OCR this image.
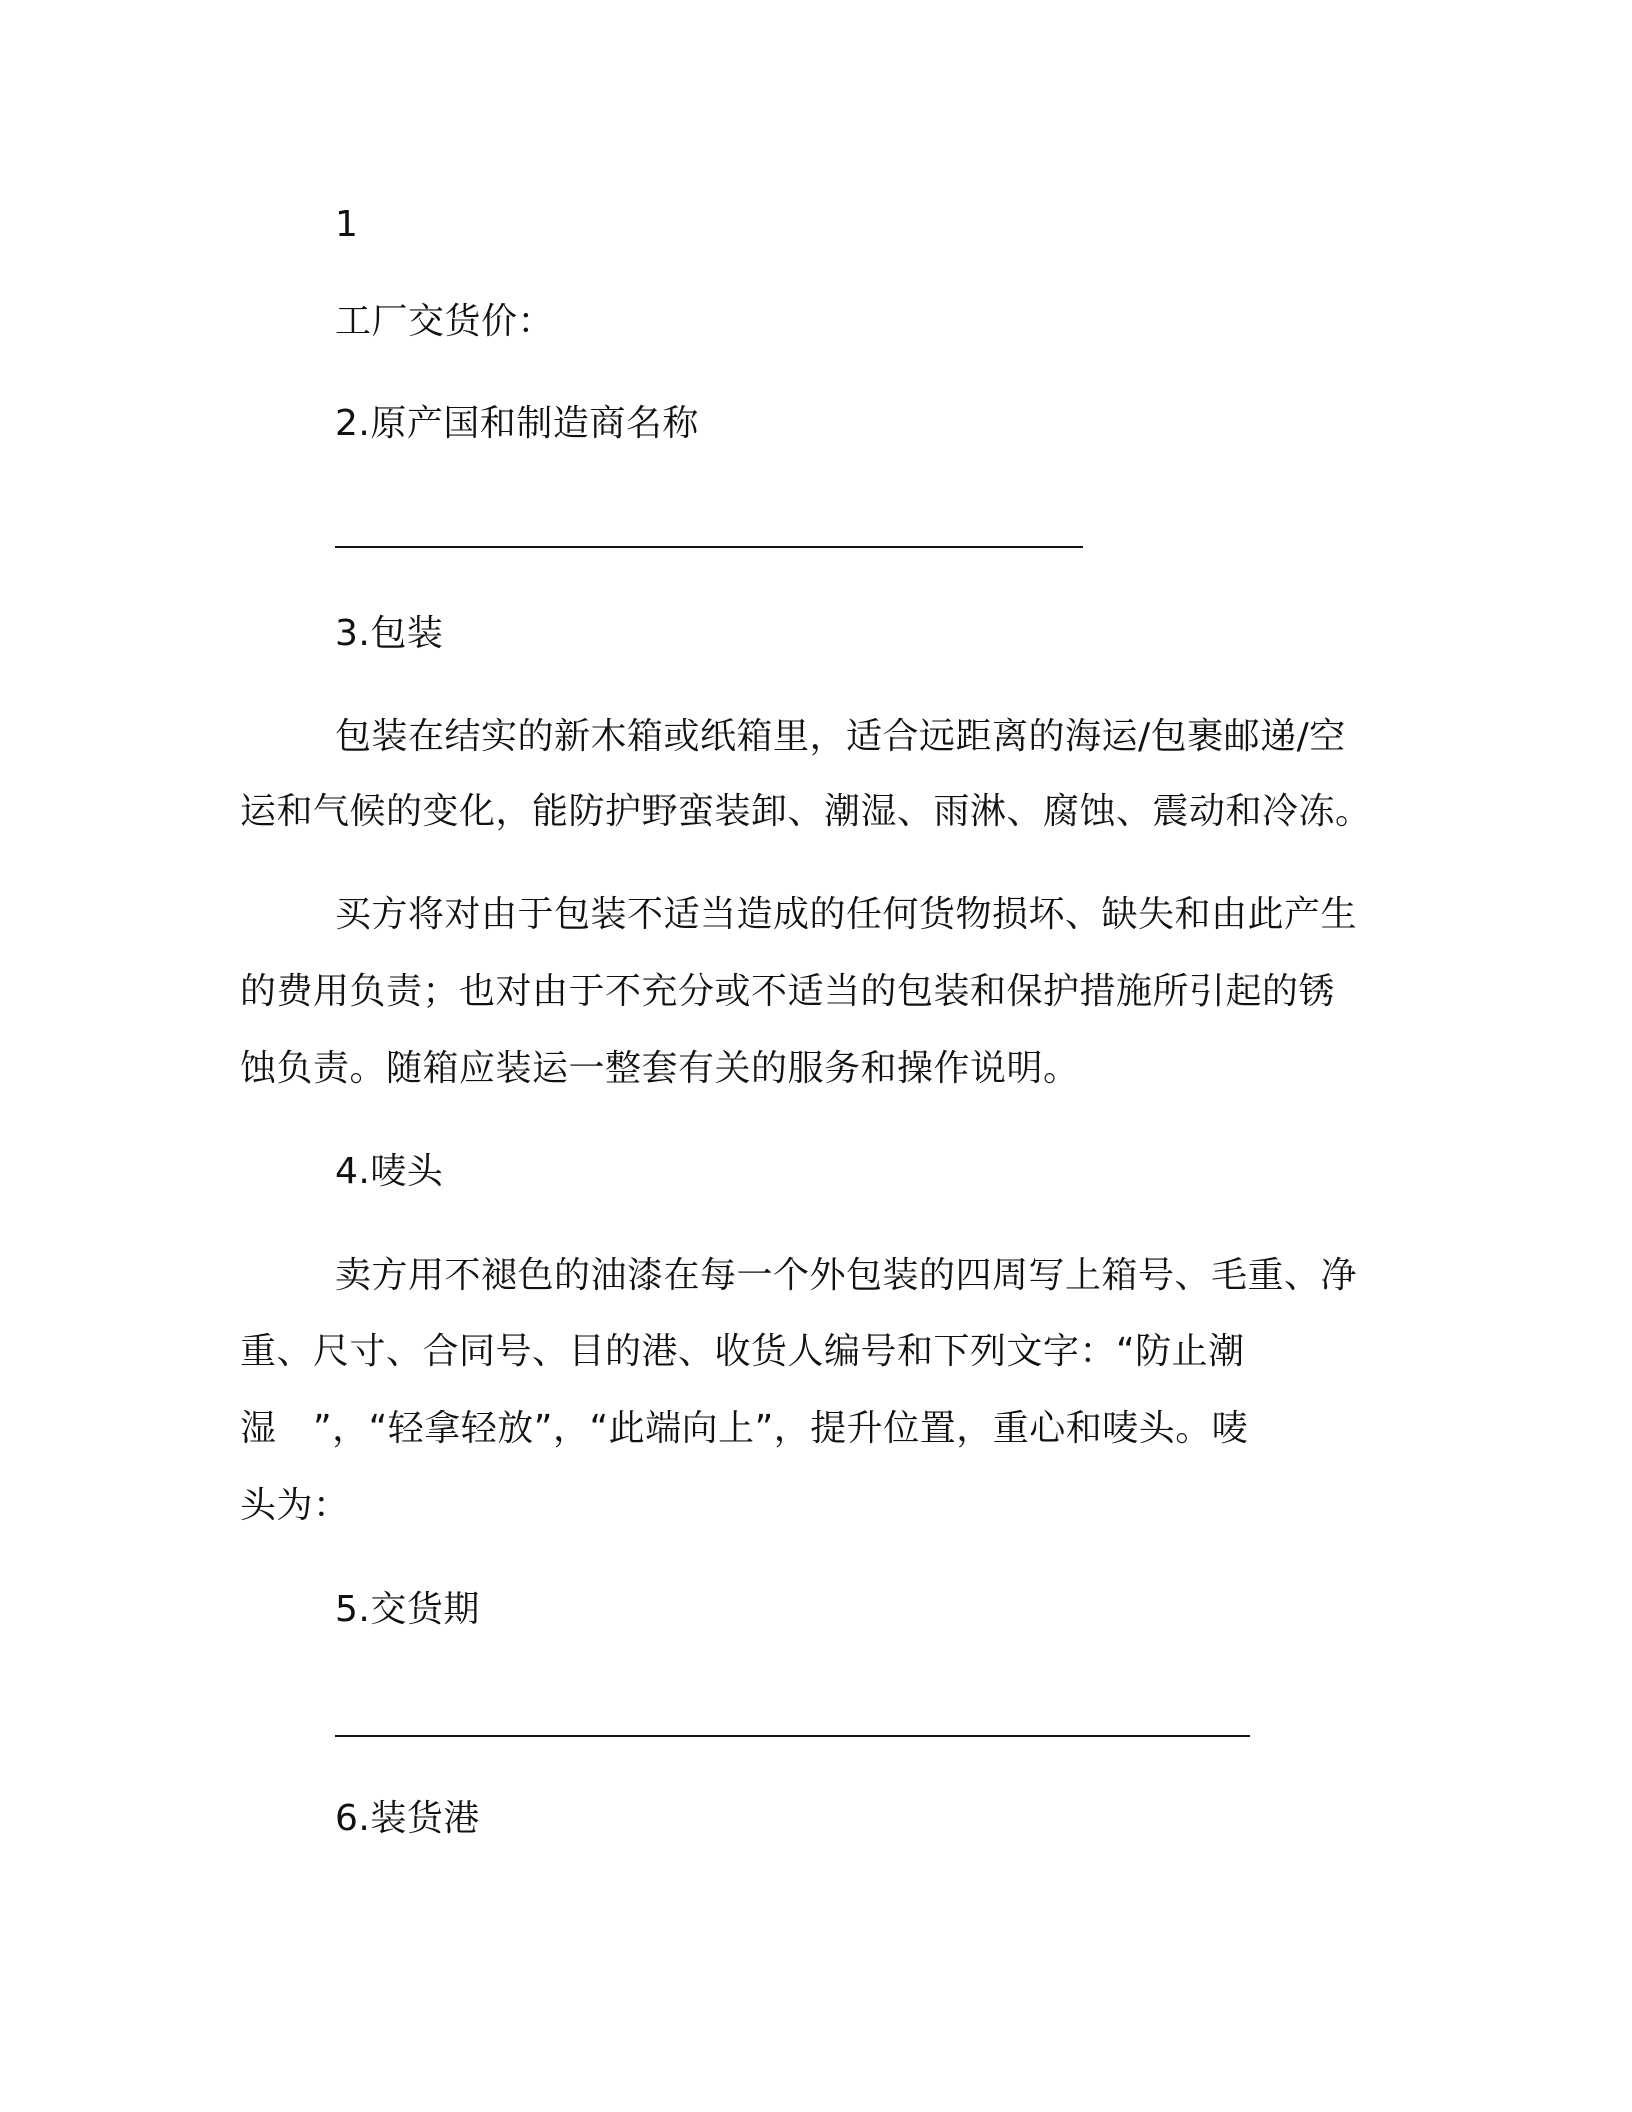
1
工厂交货价：
2.原产国和制造商名称
3.包装
包装在结实的新木箱或纸箱里，适合远距离的海运/包裹邮递/空
运和气候的变化，能防护野蛮装卸、潮湿、雨淋、腐蚀、震动和冷冻。
买方将对由于包装不适当造成的任何货物损坏、缺失和由此产生
的费用负责；也对由于不充分或不适当的包装和保护措施所引起的锈
蚀负责。随箱应装运一整套有关的服务和操作说明。
4.唛头
卖方用不褪色的油漆在每一个外包装的四周写上箱号、毛重、净
重、尺寸、合同号、目的港、收货人编号和下列文字：“防止潮
湿　”，“轻拿轻放”，“此端向上”，提升位置，重心和唛头。唛
头为：
5.交货期
6.装货港
